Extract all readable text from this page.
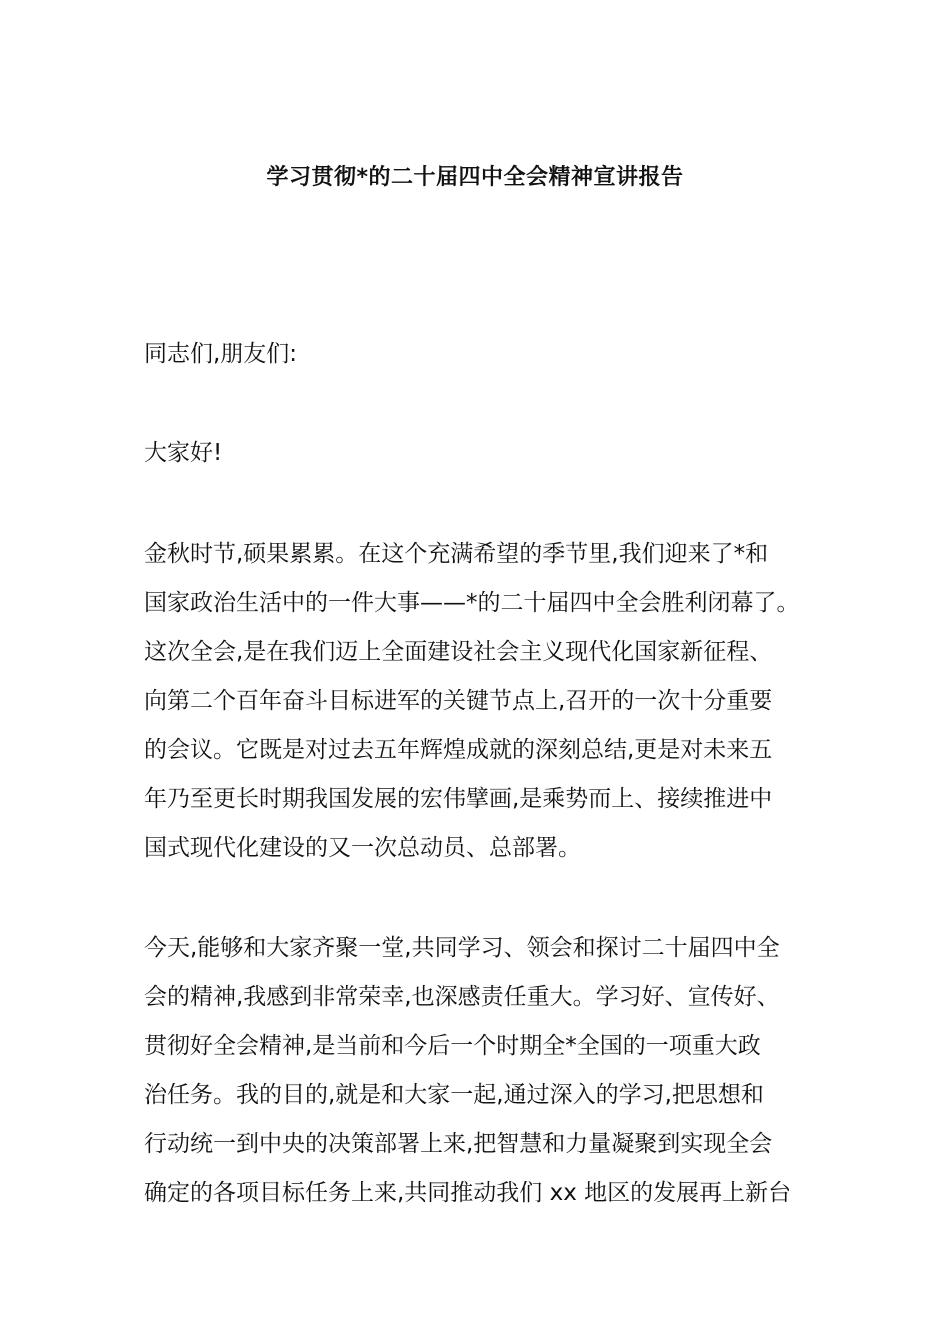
学习贯彻*的二十届四中全会精神宣讲报告

同志们,朋友们:

大家好!

金秋时节,硕果累累。在这个充满希望的季节里,我们迎来了*和
国家政治生活中的一件大事——*的二十届四中全会胜利闭幕了。
这次全会,是在我们迈上全面建设社会主义现代化国家新征程、
向第二个百年奋斗目标进军的关键节点上,召开的一次十分重要
的会议。它既是对过去五年辉煌成就的深刻总结,更是对未来五
年乃至更长时期我国发展的宏伟擘画,是乘势而上、接续推进中
国式现代化建设的又一次总动员、总部署。
今天,能够和大家齐聚一堂,共同学习、领会和探讨二十届四中全
会的精神,我感到非常荣幸,也深感责任重大。学习好、宣传好、
贯彻好全会精神,是当前和今后一个时期全*全国的一项重大政
治任务。我的目的,就是和大家一起,通过深入的学习,把思想和
行动统一到中央的决策部署上来,把智慧和力量凝聚到实现全会
确定的各项目标任务上来,共同推动我们 xx 地区的发展再上新台
